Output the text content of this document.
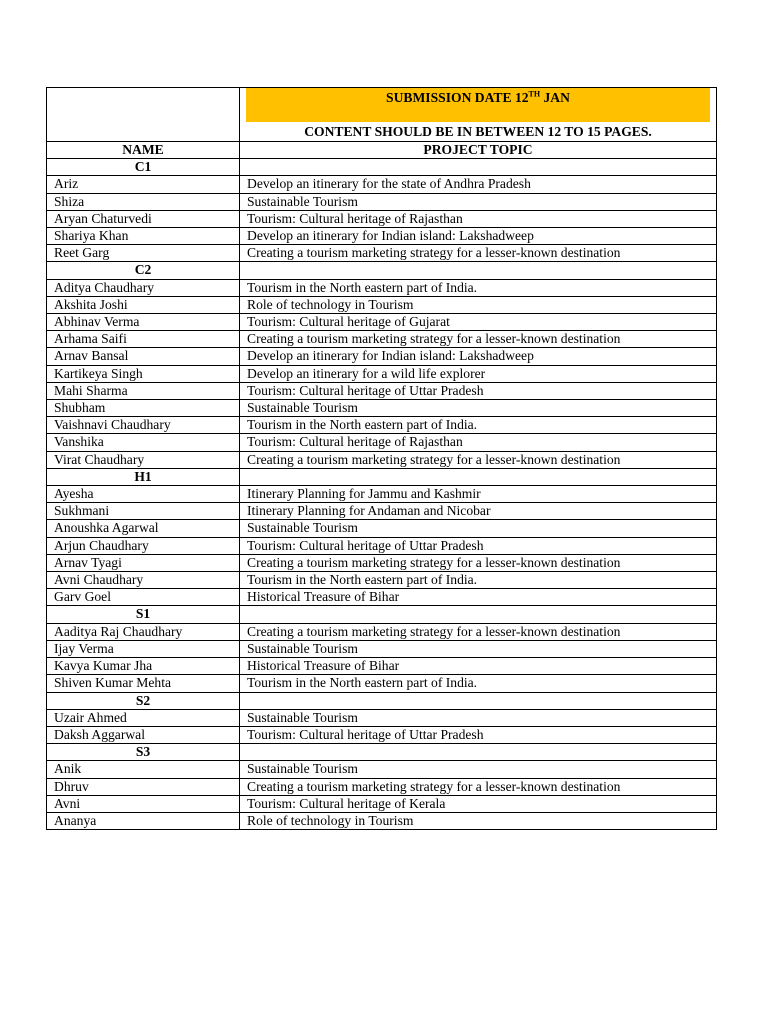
	SUBMISSION DATE 12TH JAN
CONTENT SHOULD BE IN BETWEEN 12 TO 15 PAGES.

NAME	PROJECT TOPIC
C1	
Ariz	Develop an itinerary for the state of Andhra Pradesh
Shiza	Sustainable Tourism
Aryan Chaturvedi	Tourism: Cultural heritage of Rajasthan
Shariya Khan	Develop an itinerary for Indian island: Lakshadweep
Reet Garg	Creating a tourism marketing strategy for a lesser-known destination
C2	
Aditya Chaudhary	Tourism in the North eastern part of India.
Akshita Joshi	Role of technology in Tourism
Abhinav Verma	Tourism: Cultural heritage of Gujarat
Arhama Saifi	Creating a tourism marketing strategy for a lesser-known destination
Arnav Bansal	Develop an itinerary for Indian island: Lakshadweep
Kartikeya Singh	Develop an itinerary for a wild life explorer
Mahi Sharma	Tourism: Cultural heritage of Uttar Pradesh
Shubham	Sustainable Tourism
Vaishnavi Chaudhary	Tourism in the North eastern part of India.
Vanshika	Tourism: Cultural heritage of Rajasthan
Virat Chaudhary	Creating a tourism marketing strategy for a lesser-known destination
H1	
Ayesha	Itinerary Planning for Jammu and Kashmir
Sukhmani	Itinerary Planning for Andaman and Nicobar
Anoushka Agarwal	Sustainable Tourism
Arjun Chaudhary	Tourism: Cultural heritage of Uttar Pradesh
Arnav Tyagi	Creating a tourism marketing strategy for a lesser-known destination
Avni Chaudhary	Tourism in the North eastern part of India.
Garv Goel	Historical Treasure of Bihar
S1	
Aaditya Raj Chaudhary	Creating a tourism marketing strategy for a lesser-known destination
Ijay Verma	Sustainable Tourism
Kavya Kumar Jha	Historical Treasure of Bihar
Shiven Kumar Mehta	Tourism in the North eastern part of India.
S2	
Uzair Ahmed	Sustainable Tourism
Daksh Aggarwal	Tourism: Cultural heritage of Uttar Pradesh
S3	
Anik	Sustainable Tourism
Dhruv	Creating a tourism marketing strategy for a lesser-known destination
Avni	Tourism: Cultural heritage of Kerala
Ananya	Role of technology in Tourism
